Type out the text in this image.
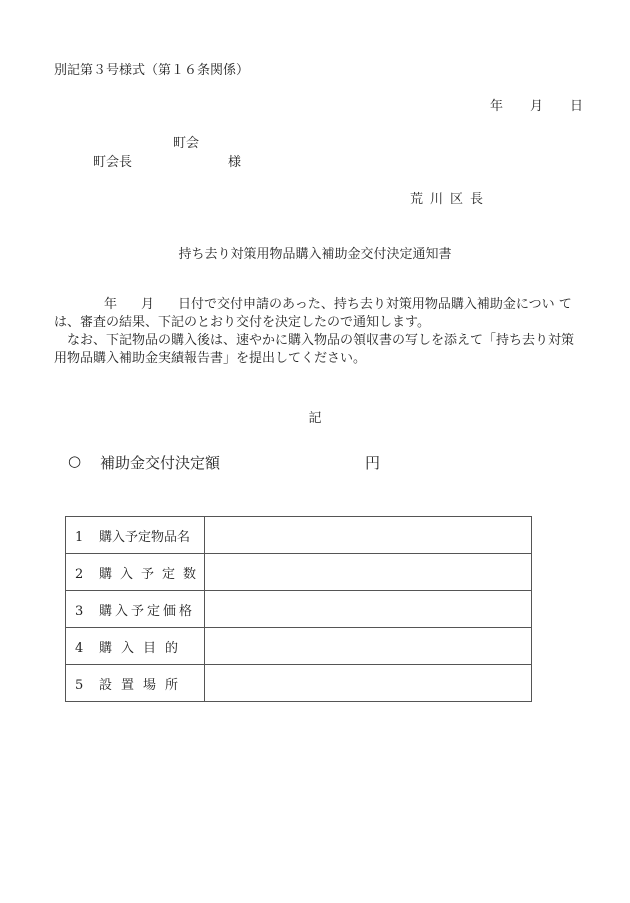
別記第３号様式（第１６条関係）
年 月 日
町会
町会長	様
荒川区長
持ち去り対策用物品購入補助金交付決定通知書
年 月 日付で交付申請のあった、持ち去り対策用物品購入補助金につい て
は、審査の結果、下記のとおり交付を決定したので通知します。
なお、下記物品の購入後は、速やかに購入物品の領収書の写しを添えて「持ち去り対策
用物品購入補助金実績報告書」を提出してください。
記
○ 補助金交付決定額	円
1 購入予定物品名	
2 購入予定数	
3 購入予定価格	
4 購入目的	
5 設置場所	
